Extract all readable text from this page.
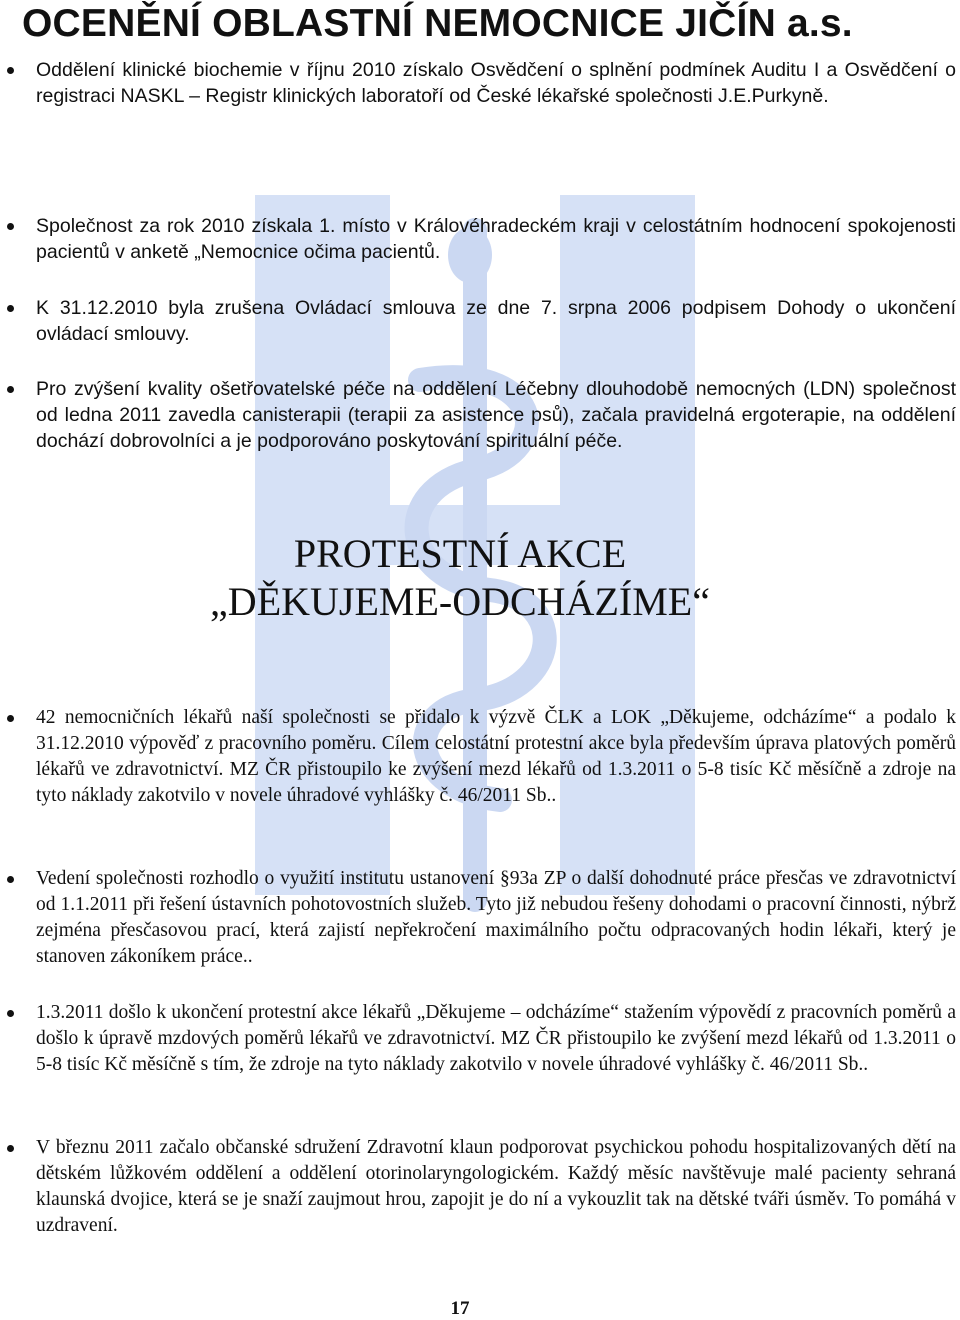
OCENĚNÍ OBLASTNÍ NEMOCNICE JIČÍN a.s.
Oddělení klinické biochemie v říjnu 2010 získalo Osvědčení o splnění podmínek Auditu I a Osvědčení o registraci NASKL – Registr klinických laboratoří od České lékařské společnosti J.E.Purkyně.
Společnost za rok 2010 získala 1. místo v Královéhradeckém kraji v celostátním hodnocení spokojenosti pacientů v anketě „Nemocnice očima pacientů.
K 31.12.2010 byla zrušena Ovládací smlouva ze dne 7. srpna 2006 podpisem Dohody o ukončení ovládací smlouvy.
Pro zvýšení kvality ošetřovatelské péče na oddělení Léčebny dlouhodobě nemocných (LDN) společnost od ledna 2011 zavedla canisterapii (terapii za asistence psů), začala pravidelná ergoterapie, na oddělení dochází dobrovolníci a je podporováno poskytování spirituální péče.
PROTESTNÍ AKCE
„DĚKUJEME-ODCHÁZÍME“
42 nemocničních lékařů naší společnosti se přidalo k výzvě ČLK a LOK „Děkujeme, odcházíme“ a podalo k 31.12.2010 výpověď z pracovního poměru. Cílem celostátní protestní akce byla především úprava platových poměrů lékařů ve zdravotnictví. MZ ČR přistoupilo ke zvýšení mezd lékařů od 1.3.2011 o 5-8 tisíc Kč měsíčně a zdroje na tyto náklady zakotvilo v novele úhradové vyhlášky č. 46/2011 Sb..
Vedení společnosti rozhodlo o využití institutu ustanovení §93a ZP o další dohodnuté práce přesčas ve zdravotnictví od 1.1.2011 při řešení ústavních pohotovostních služeb. Tyto již nebudou řešeny dohodami o pracovní činnosti, nýbrž zejména přesčasovou prací, která zajistí nepřekročení maximálního počtu odpracovaných hodin lékaři, který je stanoven zákoníkem práce..
1.3.2011 došlo k ukončení protestní akce lékařů „Děkujeme – odcházíme“ stažením výpovědí z pracovních poměrů a došlo k úpravě mzdových poměrů lékařů ve zdravotnictví. MZ ČR přistoupilo ke zvýšení mezd lékařů od 1.3.2011 o 5-8 tisíc Kč měsíčně s tím, že zdroje na tyto náklady zakotvilo v novele úhradové vyhlášky č. 46/2011 Sb..
V březnu 2011 začalo občanské sdružení Zdravotní klaun podporovat psychickou pohodu hospitalizovaných dětí na dětském lůžkovém oddělení a oddělení otorinolaryngologickém. Každý měsíc navštěvuje malé pacienty sehraná klaunská dvojice, která se je snaží zaujmout hrou, zapojit je do ní a vykouzlit tak na dětské tváři úsměv. To pomáhá v uzdravení.
17
